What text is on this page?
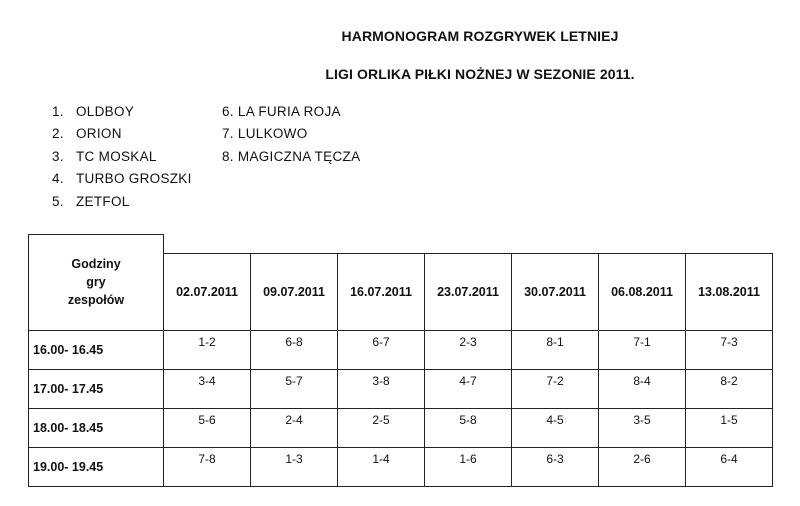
HARMONOGRAM ROZGRYWEK LETNIEJ
LIGI ORLIKA PIŁKI NOŻNEJ W SEZONIE 2011.
1. OLDBOY
2. ORION
3. TC MOSKAL
4. TURBO GROSZKI
5. ZETFOL
6. LA FURIA ROJA
7. LULKOWO
8. MAGICZNA TĘCZA
Godziny
gry
zespołów							

	02.07.2011	09.07.2011	16.07.2011	23.07.2011	30.07.2011	06.08.2011	13.08.2011
16.00- 16.45	1-2	6-8	6-7	2-3	8-1	7-1	7-3
17.00- 17.45	3-4	5-7	3-8	4-7	7-2	8-4	8-2
18.00- 18.45	5-6	2-4	2-5	5-8	4-5	3-5	1-5
19.00- 19.45	7-8	1-3	1-4	1-6	6-3	2-6	6-4
